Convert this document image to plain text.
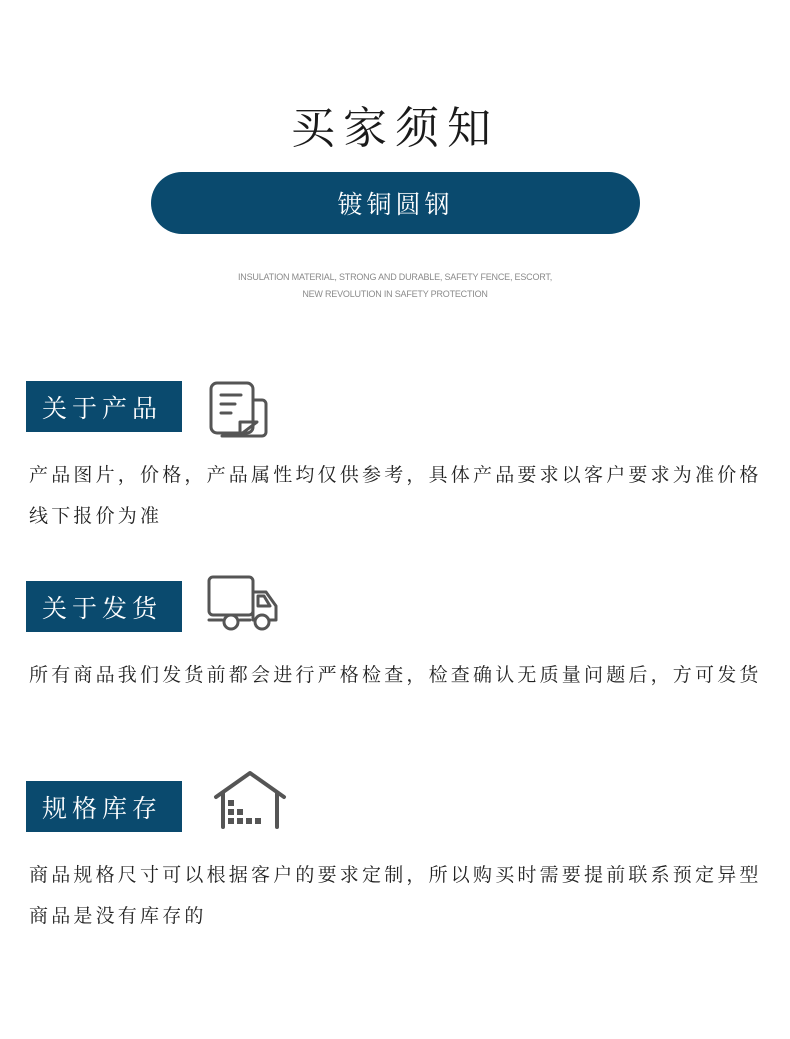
买家须知
镀铜圆钢
INSULATION MATERIAL, STRONG AND DURABLE, SAFETY FENCE, ESCORT,
NEW REVOLUTION IN SAFETY PROTECTION
关于产品
产品图片，价格，产品属性均仅供参考，具体产品要求以客户要求为准价格线下报价为准
关于发货
所有商品我们发货前都会进行严格检查，检查确认无质量问题后，方可发货
规格库存
商品规格尺寸可以根据客户的要求定制，所以购买时需要提前联系预定异型商品是没有库存的
